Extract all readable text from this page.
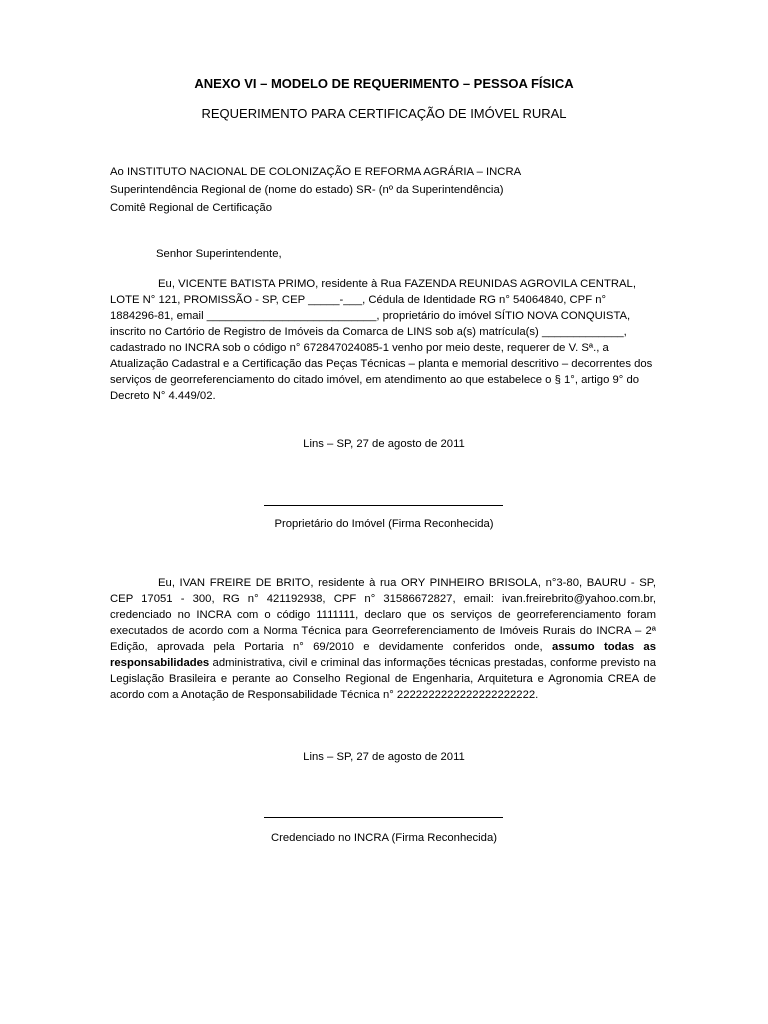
ANEXO VI – MODELO DE REQUERIMENTO – PESSOA FÍSICA
REQUERIMENTO PARA CERTIFICAÇÃO DE IMÓVEL RURAL
Ao INSTITUTO NACIONAL DE COLONIZAÇÃO E REFORMA AGRÁRIA – INCRA
Superintendência Regional de (nome do estado) SR- (nº da Superintendência)
Comitê Regional de Certificação
Senhor Superintendente,
Eu, VICENTE BATISTA PRIMO, residente à Rua FAZENDA REUNIDAS AGROVILA CENTRAL, LOTE N° 121, PROMISSÃO - SP, CEP _____-___, Cédula de Identidade RG n° 54064840, CPF n° 1884296-81, email ___________________________, proprietário do imóvel SÍTIO NOVA CONQUISTA, inscrito no Cartório de Registro de Imóveis da Comarca de LINS sob a(s) matrícula(s) _____________, cadastrado no INCRA sob o código n° 672847024085-1 venho por meio deste, requerer de V. Sª., a Atualização Cadastral e a Certificação das Peças Técnicas – planta e memorial descritivo – decorrentes dos serviços de georreferenciamento do citado imóvel, em atendimento ao que estabelece o § 1°, artigo 9° do Decreto N° 4.449/02.
Lins – SP, 27 de agosto de 2011
Proprietário do Imóvel (Firma Reconhecida)
Eu, IVAN FREIRE DE BRITO, residente à rua ORY PINHEIRO BRISOLA, n°3-80, BAURU - SP, CEP 17051 - 300, RG n° 421192938, CPF n° 31586672827, email: ivan.freirebrito@yahoo.com.br, credenciado no INCRA com o código 1111111, declaro que os serviços de georreferenciamento foram executados de acordo com a Norma Técnica para Georreferenciamento de Imóveis Rurais do INCRA – 2ª Edição, aprovada pela Portaria n° 69/2010 e devidamente conferidos onde, assumo todas as responsabilidades administrativa, civil e criminal das informações técnicas prestadas, conforme previsto na Legislação Brasileira e perante ao Conselho Regional de Engenharia, Arquitetura e Agronomia CREA de acordo com a Anotação de Responsabilidade Técnica n° 2222222222222222222222.
Lins – SP, 27 de agosto de 2011
Credenciado no INCRA (Firma Reconhecida)
